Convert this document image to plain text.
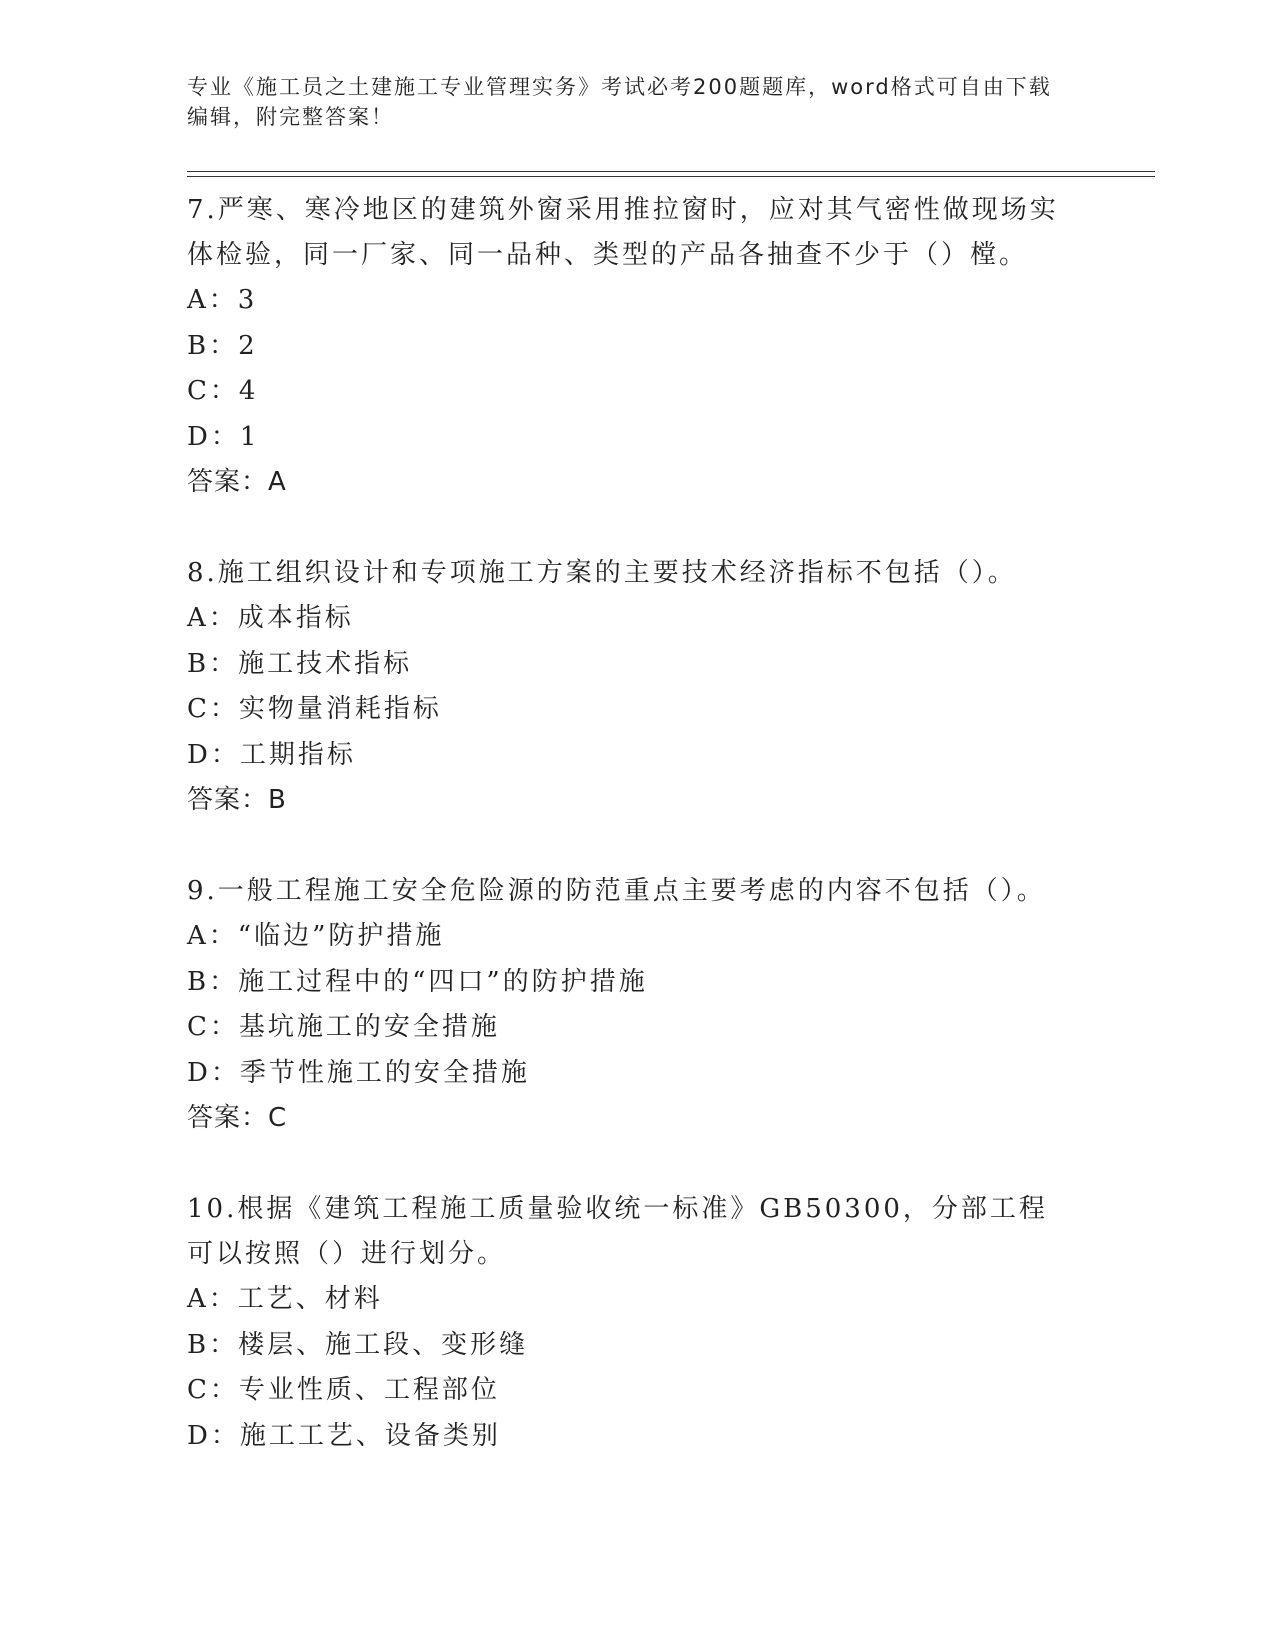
专业《施工员之土建施工专业管理实务》考试必考200题题库，word格式可自由下载编辑，附完整答案！
7.严寒、寒冷地区的建筑外窗采用推拉窗时，应对其气密性做现场实体检验，同一厂家、同一品种、类型的产品各抽查不少于（）樘。
A：3
B：2
C：4
D：1
答案：A
8.施工组织设计和专项施工方案的主要技术经济指标不包括（）。
A：成本指标
B：施工技术指标
C：实物量消耗指标
D：工期指标
答案：B
9.一般工程施工安全危险源的防范重点主要考虑的内容不包括（）。
A：“临边”防护措施
B：施工过程中的“四口”的防护措施
C：基坑施工的安全措施
D：季节性施工的安全措施
答案：C
10.根据《建筑工程施工质量验收统一标准》GB50300，分部工程可以按照（）进行划分。
A：工艺、材料
B：楼层、施工段、变形缝
C：专业性质、工程部位
D：施工工艺、设备类别
